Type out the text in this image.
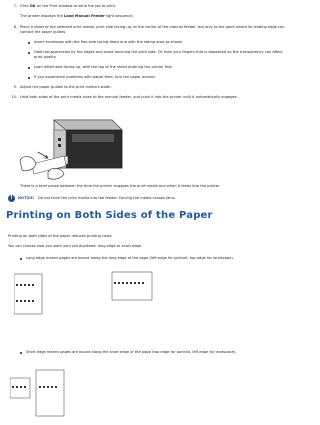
7. Click OK on the Print window to send the job to print.
The printer displays the Load Manual Feeder light sequence.
8. Place a sheet of the selected print media, print side facing up, at the center of the manual feeder, but only to the point where its leading edge can contact the paper guides.
Insert envelopes with the flap side facing down and with the stamp area as shown.
Hold transparencies by the edges and avoid touching the print side. Oil from your fingers that is deposited on the transparency can affect print quality.
Load letterhead facing up, with the top of the sheet entering the printer first.
If you experience problems with paper feed, turn the paper around.
9. Adjust the paper guides to the print media's width.
10. Hold both sides of the print media close to the manual feeder, and push it into the printer until it automatically engages.
There is a brief pause between the time the printer engages the print media and when it feeds into the printer.
!	NOTICE: Do not force the print media into the feeder. Forcing the media causes jams.
Printing on Both Sides of the Paper
Printing on both sides of the paper reduces printing costs.
You can choose how you want your job duplexed: long edge or short edge.
Long edge means pages are bound along the long edge of the page (left edge for portrait, top edge for landscape).
Short edge means pages are bound along the short edge of the page (top edge for portrait, left edge for landscape).
